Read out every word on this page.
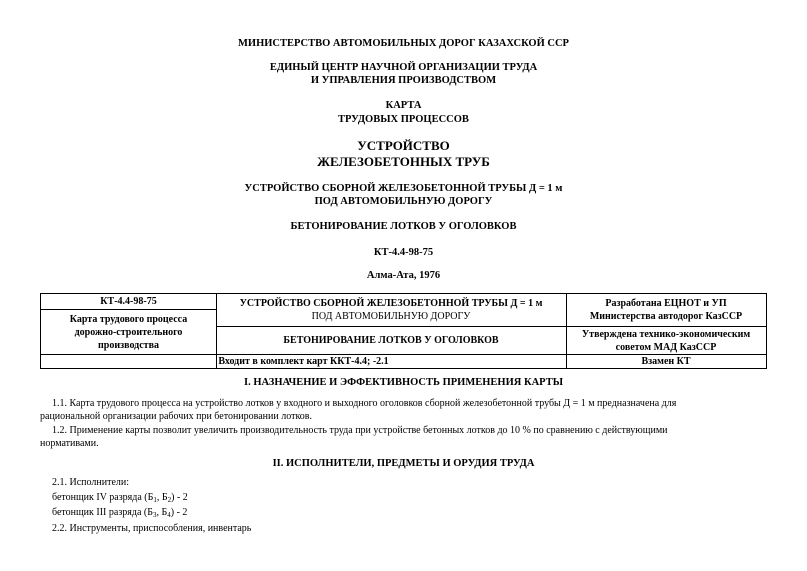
МИНИСТЕРСТВО АВТОМОБИЛЬНЫХ ДОРОГ КАЗАХСКОЙ ССР
ЕДИНЫЙ ЦЕНТР НАУЧНОЙ ОРГАНИЗАЦИИ ТРУДА
И УПРАВЛЕНИЯ ПРОИЗВОДСТВОМ
КАРТА
ТРУДОВЫХ ПРОЦЕССОВ
УСТРОЙСТВО
ЖЕЛЕЗОБЕТОННЫХ ТРУБ
УСТРОЙСТВО СБОРНОЙ ЖЕЛЕЗОБЕТОННОЙ ТРУБЫ Д = 1 м
ПОД АВТОМОБИЛЬНУЮ ДОРОГУ
БЕТОНИРОВАНИЕ ЛОТКОВ У ОГОЛОВКОВ
КТ-4.4-98-75
Алма-Ата, 1976
КТ-4.4-98-75
Карта трудового процесса
дорожно-строительного
производства
УСТРОЙСТВО СБОРНОЙ ЖЕЛЕЗОБЕТОННОЙ ТРУБЫ Д = 1 м
ПОД АВТОМОБИЛЬНУЮ ДОРОГУ
БЕТОНИРОВАНИЕ ЛОТКОВ У ОГОЛОВКОВ
Разработана ЕЦНОТ и УП
Министерства автодорог КазССР
Утверждена технико-экономическим
советом МАД КазССР
Входит в комплект карт ККТ-4.4; -2.1	Взамен КТ
I. НАЗНАЧЕНИЕ И ЭФФЕКТИВНОСТЬ ПРИМЕНЕНИЯ КАРТЫ
1.1. Карта трудового процесса на устройство лотков у входного и выходного оголовков сборной железобетонной трубы Д = 1 м предназначена для
рациональной организации рабочих при бетонировании лотков.
1.2. Применение карты позволит увеличить производительность труда при устройстве бетонных лотков до 10 % по сравнению с действующими
нормативами.
II. ИСПОЛНИТЕЛИ, ПРЕДМЕТЫ И ОРУДИЯ ТРУДА
2.1. Исполнители:
бетонщик IV разряда ($Б_1$, $Б_2) - 2$
бетонщик III разряда ($Б_3$, $Б_4) - 2$
2.2. Инструменты, приспособления, инвентарь
